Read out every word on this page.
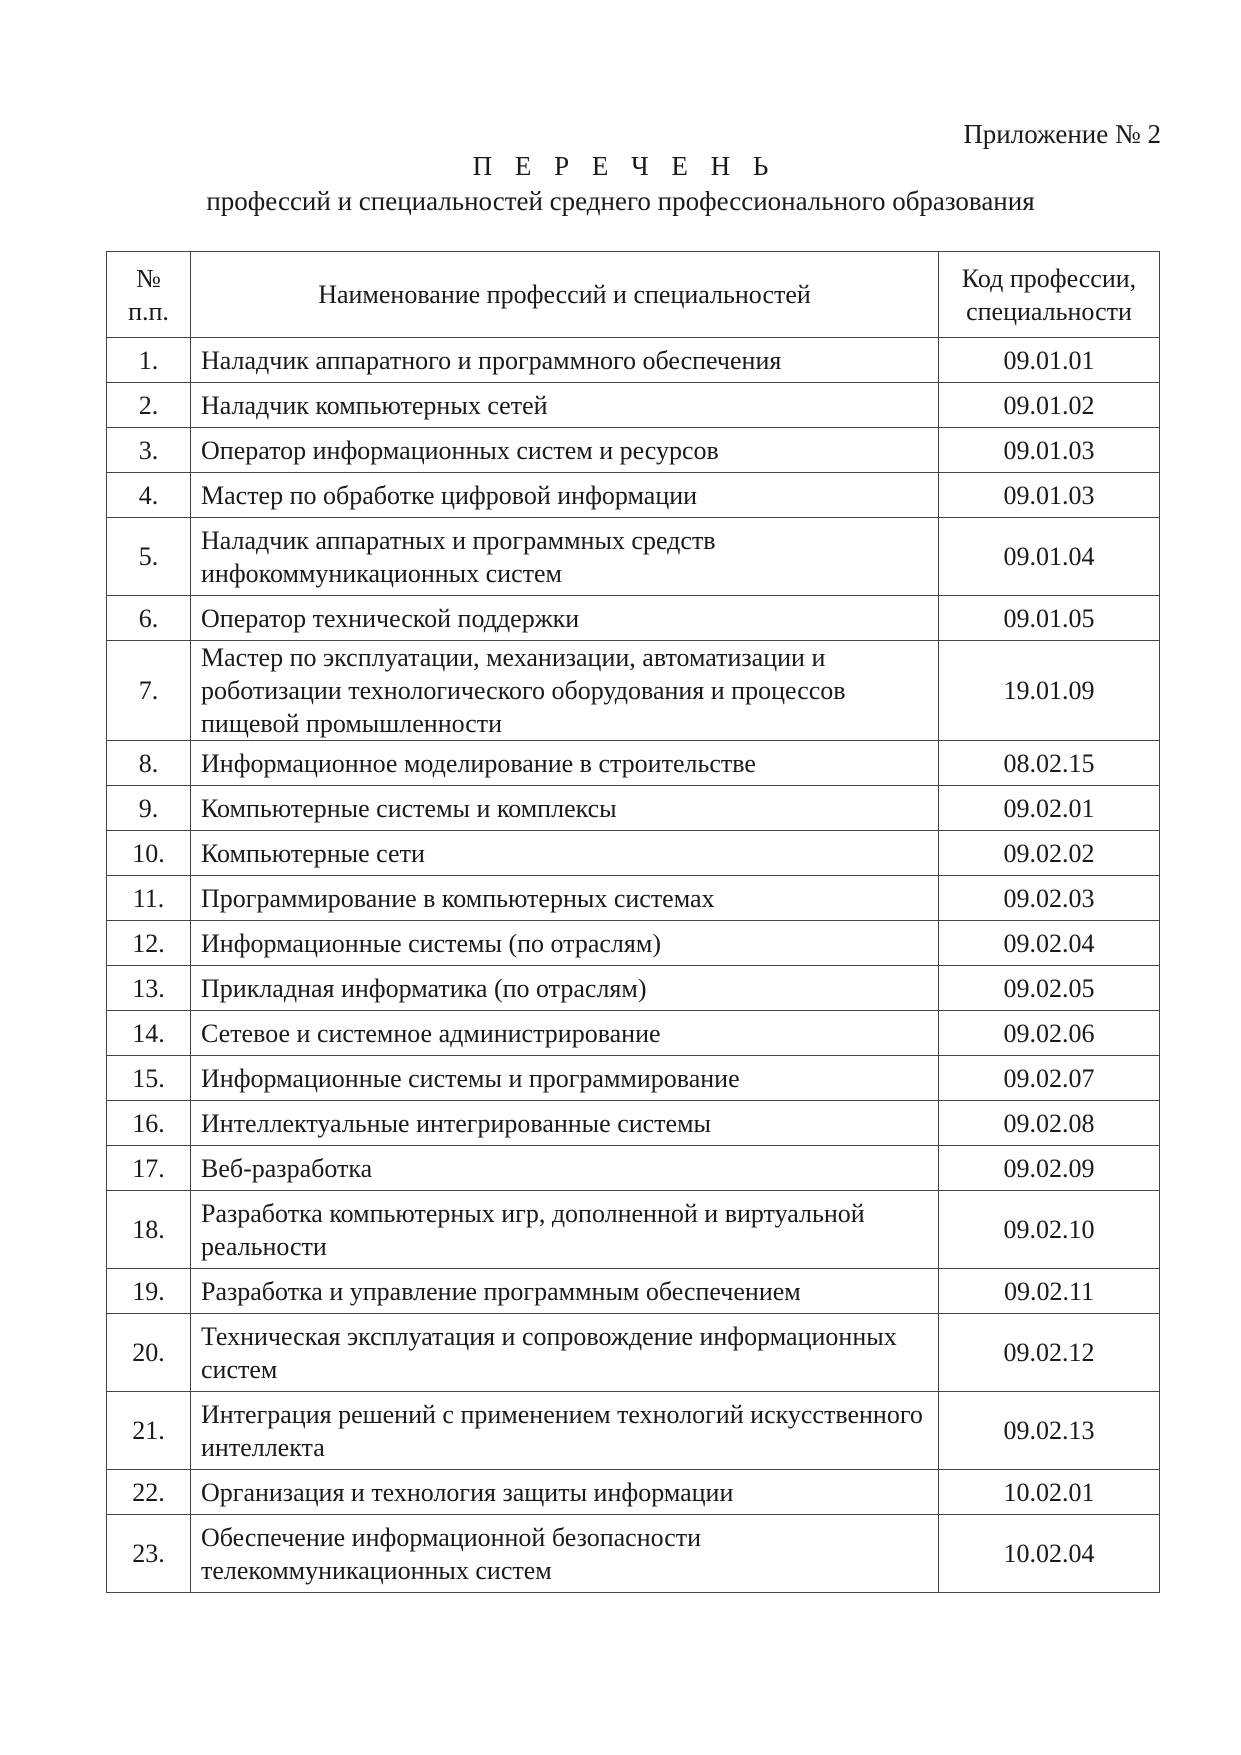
Приложение № 2
П Е Р Е Ч Е Н Ь
профессий и специальностей среднего профессионального образования
№ п.п.	Наименование профессий и специальностей	Код профессии, специальности
1.	Наладчик аппаратного и программного обеспечения	09.01.01
2.	Наладчик компьютерных сетей	09.01.02
3.	Оператор информационных систем и ресурсов	09.01.03
4.	Мастер по обработке цифровой информации	09.01.03
5.	Наладчик аппаратных и программных средств инфокоммуникационных систем	09.01.04
6.	Оператор технической поддержки	09.01.05
7.	Мастер по эксплуатации, механизации, автоматизации и роботизации технологического оборудования и процессов пищевой промышленности	19.01.09
8.	Информационное моделирование в строительстве	08.02.15
9.	Компьютерные системы и комплексы	09.02.01
10.	Компьютерные сети	09.02.02
11.	Программирование в компьютерных системах	09.02.03
12.	Информационные системы (по отраслям)	09.02.04
13.	Прикладная информатика (по отраслям)	09.02.05
14.	Сетевое и системное администрирование	09.02.06
15.	Информационные системы и программирование	09.02.07
16.	Интеллектуальные интегрированные системы	09.02.08
17.	Веб-разработка	09.02.09
18.	Разработка компьютерных игр, дополненной и виртуальной реальности	09.02.10
19.	Разработка и управление программным обеспечением	09.02.11
20.	Техническая эксплуатация и сопровождение информационных систем	09.02.12
21.	Интеграция решений с применением технологий искусственного интеллекта	09.02.13
22.	Организация и технология защиты информации	10.02.01
23.	Обеспечение информационной безопасности телекоммуникационных систем	10.02.04
